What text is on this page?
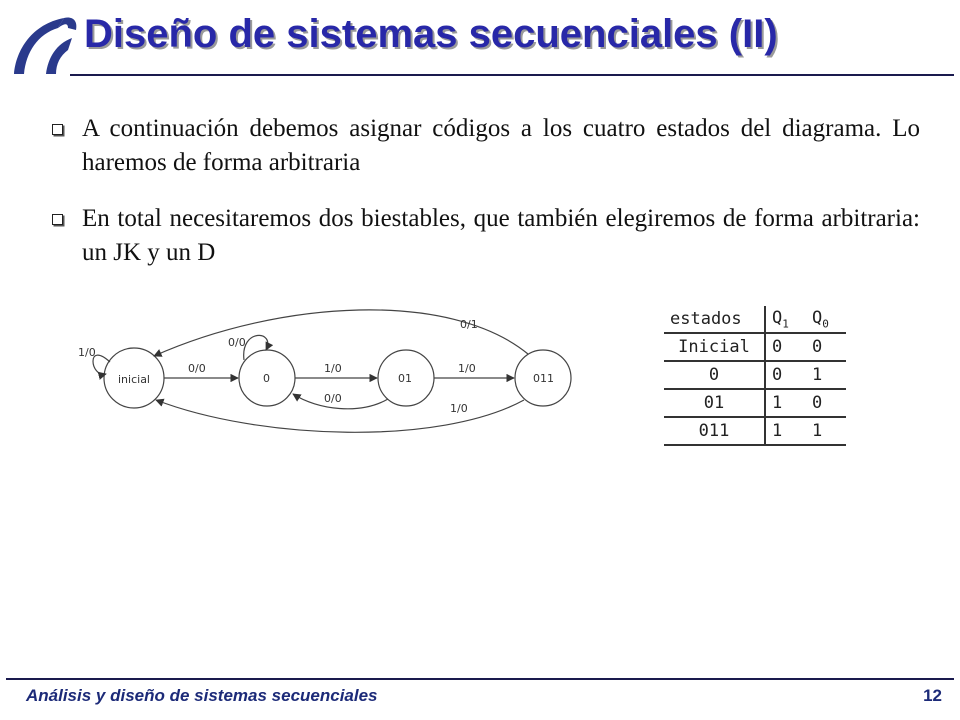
Diseño de sistemas secuenciales (II)
A continuación debemos asignar códigos a los cuatro estados del diagrama. Lo haremos de forma arbitraria
En total necesitaremos dos biestables, que también elegiremos de forma arbitraria: un JK y un D
inicial	0	01	011
1/0
0/0
0/0	1/0
0/0
1/0
0/1
1/0
estados	$Q_1$	$Q_0$
Inicial	0	0
0	0	1
01	1	0
011	1	1
Análisis y diseño de sistemas secuenciales	12
